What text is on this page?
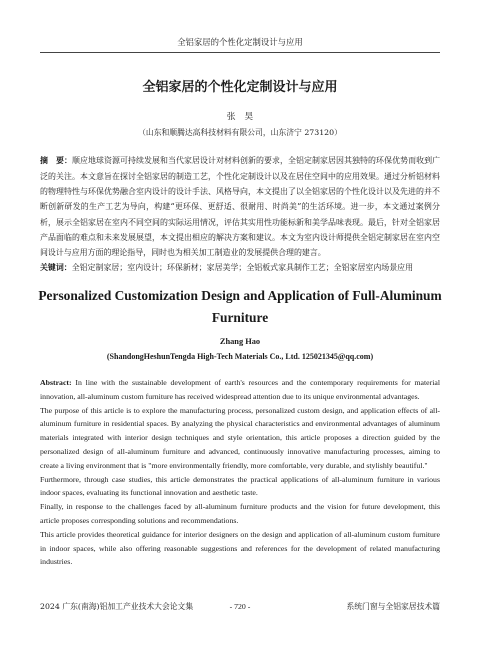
全铝家居的个性化定制设计与应用
全铝家居的个性化定制设计与应用
张　昊
（山东和顺腾达高科技材料有限公司，山东济宁 273120）

摘　要：顺应地球资源可持续发展和当代家居设计对材料创新的要求，全铝定制家居因其独特的环保优势而收到广泛的关注。本文意旨在探讨全铝家居的制造工艺，个性化定制设计以及在居住空间中的应用效果。通过分析铝材料的物理特性与环保优势融合室内设计的设计手法、风格导向，本文提出了以全铝家居的个性化设计以及先进的并不断创新研发的生产工艺为导向，构建“更环保、更舒适、很耐用、时尚美”的生活环境。进一步，本文通过案例分析，展示全铝家居在室内不同空间的实际运用情况，评估其实用性功能标新和美学品味表现。最后，针对全铝家居产品面临的难点和未来发展展望，本文提出相应的解决方案和建议。本文为室内设计师提供全铝定制家居在室内空间设计与应用方面的理论指导，同时也为相关加工制造业的发展提供合理的建言。

关键词：全铝定制家居；室内设计；环保新材；家居美学；全铝板式家具制作工艺；全铝家居室内场景应用

Personalized Customization Design and Application of Full-Aluminum Furniture
Zhang Hao
(ShandongHeshunTengda High-Tech Materials Co., Ltd. 125021345@qq.com)

Abstract: In line with the sustainable development of earth's resources and the contemporary requirements for material innovation, all-aluminum custom furniture has received widespread attention due to its unique environmental advantages.

The purpose of this article is to explore the manufacturing process, personalized custom design, and application effects of all-aluminum furniture in residential spaces. By analyzing the physical characteristics and environmental advantages of aluminum materials integrated with interior design techniques and style orientation, this article proposes a direction guided by the personalized design of all-aluminum furniture and advanced, continuously innovative manufacturing processes, aiming to create a living environment that is "more environmentally friendly, more comfortable, very durable, and stylishly beautiful."

Furthermore, through case studies, this article demonstrates the practical applications of all-aluminum furniture in various indoor spaces, evaluating its functional innovation and aesthetic taste.

Finally, in response to the challenges faced by all-aluminum furniture products and the vision for future development, this article proposes corresponding solutions and recommendations.

This article provides theoretical guidance for interior designers on the design and application of all-aluminum custom furniture in indoor spaces, while also offering reasonable suggestions and references for the development of related manufacturing industries.

2024 广东(南海)铝加工产业技术大会论文集	- 720 -	系统门窗与全铝家居技术篇
